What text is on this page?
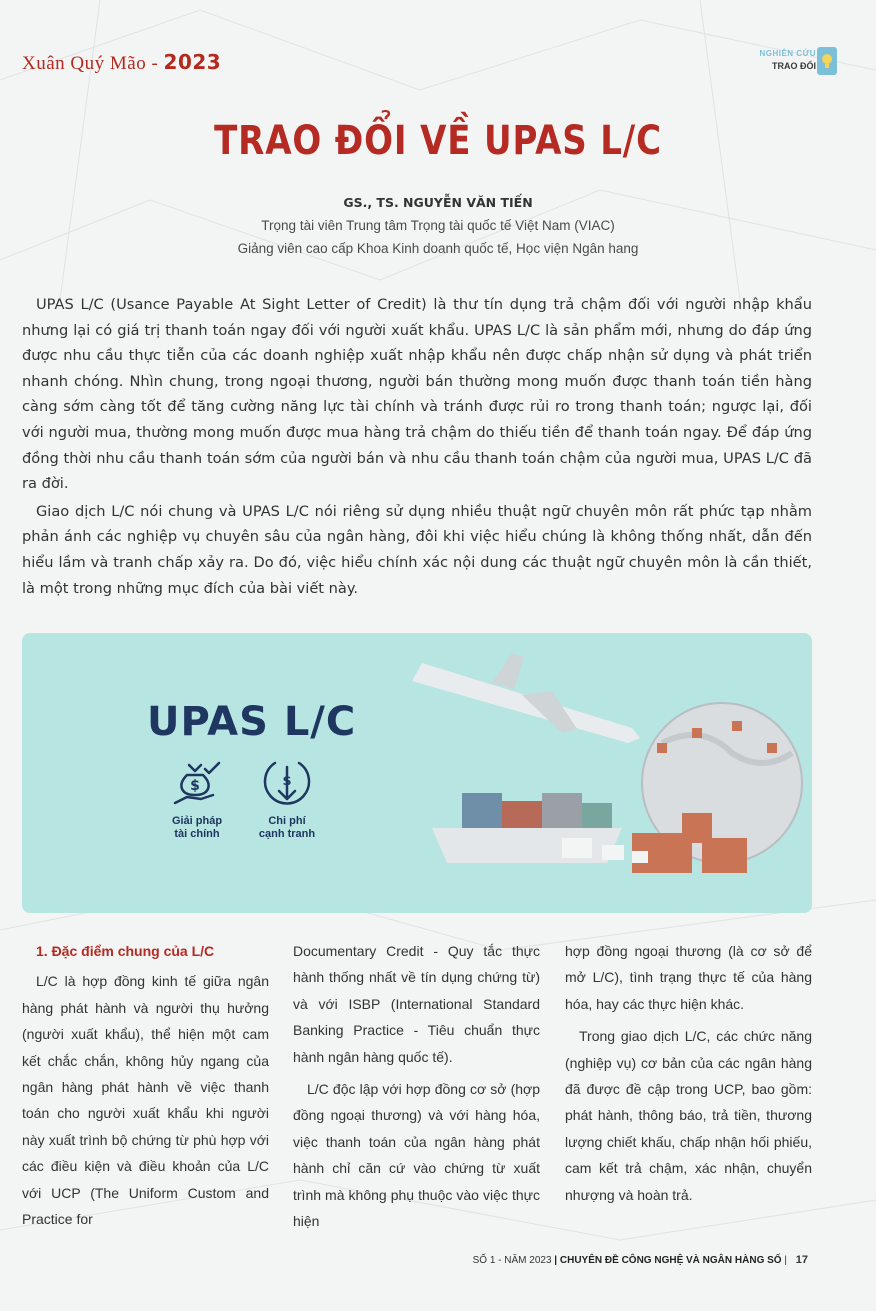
Xuân Quý Mão - 2023	NGHIÊN CỨU
TRAO ĐỔI
TRAO ĐỔI VỀ UPAS L/C
GS., TS. NGUYỄN VĂN TIẾN
Trọng tài viên Trung tâm Trọng tài quốc tế Việt Nam (VIAC)
Giảng viên cao cấp Khoa Kinh doanh quốc tế, Học viện Ngân hang

UPAS L/C (Usance Payable At Sight Letter of Credit) là thư tín dụng trả chậm đối với người nhập khẩu nhưng lại có giá trị thanh toán ngay đối với người xuất khẩu. UPAS L/C là sản phẩm mới, nhưng do đáp ứng được nhu cầu thực tiễn của các doanh nghiệp xuất nhập khẩu nên được chấp nhận sử dụng và phát triển nhanh chóng. Nhìn chung, trong ngoại thương, người bán thường mong muốn được thanh toán tiền hàng càng sớm càng tốt để tăng cường năng lực tài chính và tránh được rủi ro trong thanh toán; ngược lại, đối với người mua, thường mong muốn được mua hàng trả chậm do thiếu tiền để thanh toán ngay. Để đáp ứng đồng thời nhu cầu thanh toán sớm của người bán và nhu cầu thanh toán chậm của người mua, UPAS L/C đã ra đời.

Giao dịch L/C nói chung và UPAS L/C nói riêng sử dụng nhiều thuật ngữ chuyên môn rất phức tạp nhằm phản ánh các nghiệp vụ chuyên sâu của ngân hàng, đôi khi việc hiểu chúng là không thống nhất, dẫn đến hiểu lầm và tranh chấp xảy ra. Do đó, việc hiểu chính xác nội dung các thuật ngữ chuyên môn là cần thiết, là một trong những mục đích của bài viết này.

UPAS L/C
$
Giải pháp
tài chính
$
Chi phí
cạnh tranh
1. Đặc điểm chung của L/C

L/C là hợp đồng kinh tế giữa ngân hàng phát hành và người thụ hưởng (người xuất khẩu), thể hiện một cam kết chắc chắn, không hủy ngang của ngân hàng phát hành về việc thanh toán cho người xuất khẩu khi người này xuất trình bộ chứng từ phù hợp với các điều kiện và điều khoản của L/C với UCP (The Uniform Custom and Practice for

Documentary Credit - Quy tắc thực hành thống nhất về tín dụng chứng từ) và với ISBP (International Standard Banking Practice - Tiêu chuẩn thực hành ngân hàng quốc tế).

L/C độc lập với hợp đồng cơ sở (hợp đồng ngoại thương) và với hàng hóa, việc thanh toán của ngân hàng phát hành chỉ căn cứ vào chứng từ xuất trình mà không phụ thuộc vào việc thực hiện

hợp đồng ngoại thương (là cơ sở để mở L/C), tình trạng thực tế của hàng hóa, hay các thực hiện khác.

Trong giao dịch L/C, các chức năng (nghiệp vụ) cơ bản của các ngân hàng đã được đề cập trong UCP, bao gồm: phát hành, thông báo, trả tiền, thương lượng chiết khấu, chấp nhận hối phiếu, cam kết trả chậm, xác nhận, chuyển nhượng và hoàn trả.

SỐ 1 - NĂM 2023 | CHUYÊN ĐỀ CÔNG NGHỆ VÀ NGÂN HÀNG SỐ | 17
